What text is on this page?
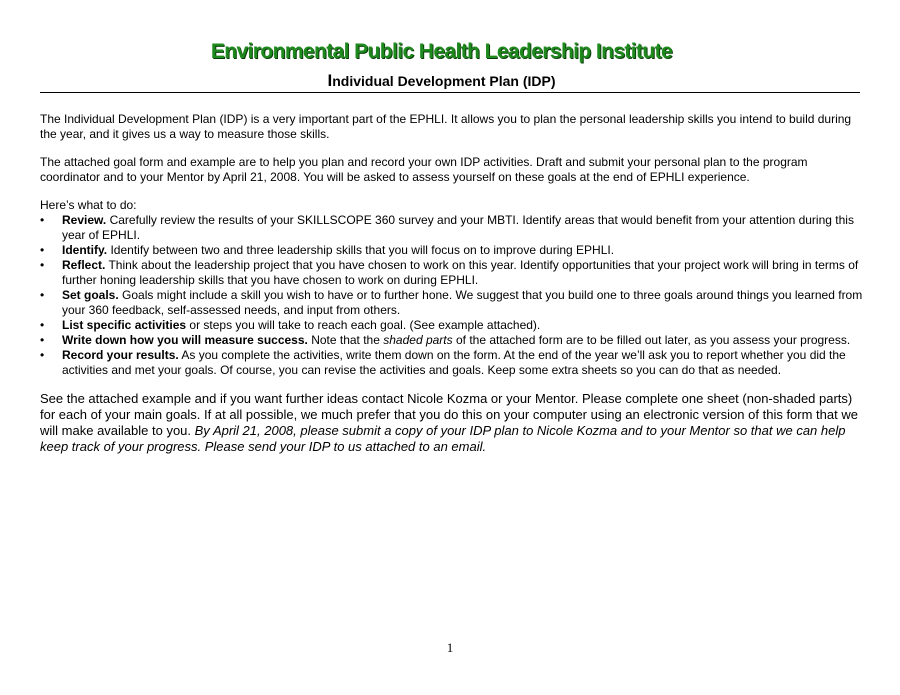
Environmental Public Health Leadership Institute
Individual Development Plan (IDP)

The Individual Development Plan (IDP) is a very important part of the EPHLI. It allows you to plan the personal leadership skills you intend to build during the year, and it gives us a way to measure those skills.

The attached goal form and example are to help you plan and record your own IDP activities. Draft and submit your personal plan to the program coordinator and to your Mentor by April 21, 2008. You will be asked to assess yourself on these goals at the end of EPHLI experience.

Here’s what to do:

• Review. Carefully review the results of your SKILLSCOPE 360 survey and your MBTI. Identify areas that would benefit from your attention during this year of EPHLI.
• Identify. Identify between two and three leadership skills that you will focus on to improve during EPHLI.
• Reflect. Think about the leadership project that you have chosen to work on this year. Identify opportunities that your project work will bring in terms of further honing leadership skills that you have chosen to work on during EPHLI.
• Set goals. Goals might include a skill you wish to have or to further hone. We suggest that you build one to three goals around things you learned from your 360 feedback, self-assessed needs, and input from others.
• List specific activities or steps you will take to reach each goal. (See example attached).
• Write down how you will measure success. Note that the shaded parts of the attached form are to be filled out later, as you assess your progress.
• Record your results. As you complete the activities, write them down on the form. At the end of the year we’ll ask you to report whether you did the activities and met your goals. Of course, you can revise the activities and goals. Keep some extra sheets so you can do that as needed.

See the attached example and if you want further ideas contact Nicole Kozma or your Mentor. Please complete one sheet (non-shaded parts) for each of your main goals. If at all possible, we much prefer that you do this on your computer using an electronic version of this form that we will make available to you. By April 21, 2008, please submit a copy of your IDP plan to Nicole Kozma and to your Mentor so that we can help keep track of your progress. Please send your IDP to us attached to an email.

1
